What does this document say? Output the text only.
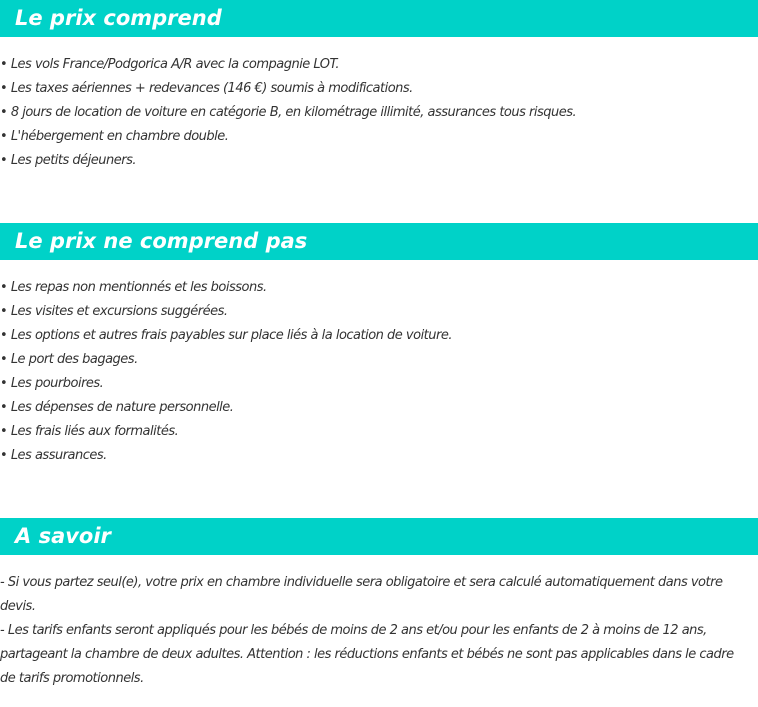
Le prix comprend
• Les vols France/Podgorica A/R avec la compagnie LOT.
• Les taxes aériennes + redevances (146 €) soumis à modifications.
• 8 jours de location de voiture en catégorie B, en kilométrage illimité, assurances tous risques.
• L'hébergement en chambre double.
• Les petits déjeuners.
Le prix ne comprend pas
• Les repas non mentionnés et les boissons.
• Les visites et excursions suggérées.
• Les options et autres frais payables sur place liés à la location de voiture.
• Le port des bagages.
• Les pourboires.
• Les dépenses de nature personnelle.
• Les frais liés aux formalités.
• Les assurances.
A savoir

- Si vous partez seul(e), votre prix en chambre individuelle sera obligatoire et sera calculé automatiquement dans votre devis.

- Les tarifs enfants seront appliqués pour les bébés de moins de 2 ans et/ou pour les enfants de 2 à moins de 12 ans, partageant la chambre de deux adultes. Attention : les réductions enfants et bébés ne sont pas applicables dans le cadre de tarifs promotionnels.
